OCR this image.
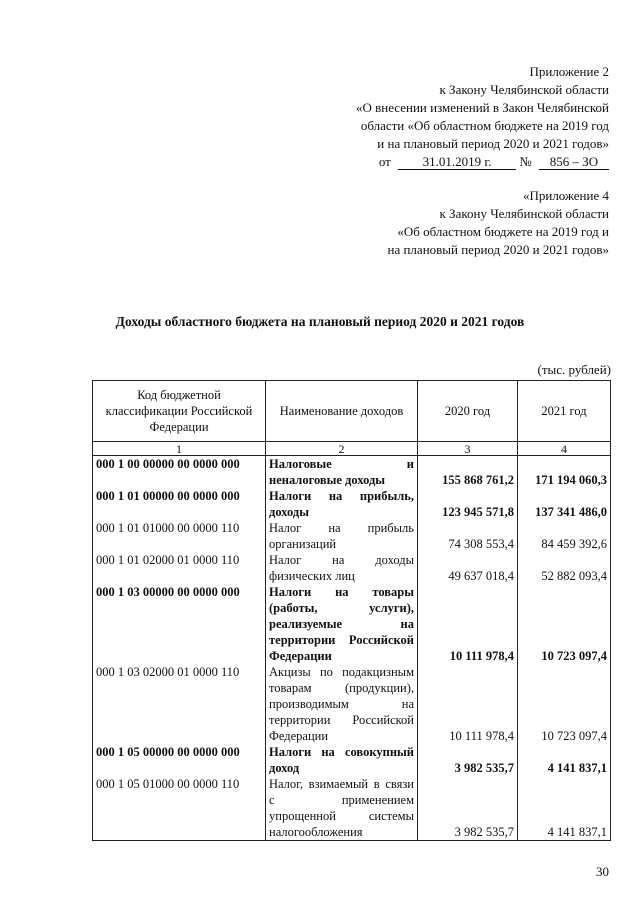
Приложение 2
к Закону Челябинской области
«О внесении изменений в Закон Челябинской
области «Об областном бюджете на 2019 год
и на плановый период 2020 и 2021 годов»
от 31.01.2019 г. № 856 – ЗО
«Приложение 4
к Закону Челябинской области
«Об областном бюджете на 2019 год и
на плановый период 2020 и 2021 годов»
Доходы областного бюджета на плановый период 2020 и 2021 годов
(тыс. рублей)
Код бюджетной классификации Российской Федерации	Наименование доходов	2020 год	2021 год
1	2	3	4
000 1 00 00000 00 0000 000	Налоговые и неналоговые доходы	155 868 761,2	171 194 060,3
000 1 01 00000 00 0000 000	Налоги на прибыль, доходы	123 945 571,8	137 341 486,0
000 1 01 01000 00 0000 110	Налог на прибыль организаций	74 308 553,4	84 459 392,6
000 1 01 02000 01 0000 110	Налог на доходы физических лиц	49 637 018,4	52 882 093,4
000 1 03 00000 00 0000 000	Налоги на товары (работы, услуги), реализуемые на территории Российской Федерации	10 111 978,4	10 723 097,4
000 1 03 02000 01 0000 110	Акцизы по подакцизным товарам (продукции), производимым на территории Российской Федерации	10 111 978,4	10 723 097,4
000 1 05 00000 00 0000 000	Налоги на совокупный доход	3 982 535,7	4 141 837,1
000 1 05 01000 00 0000 110	Налог, взимаемый в связи с применением упрощенной системы налогообложения	3 982 535,7	4 141 837,1
30
